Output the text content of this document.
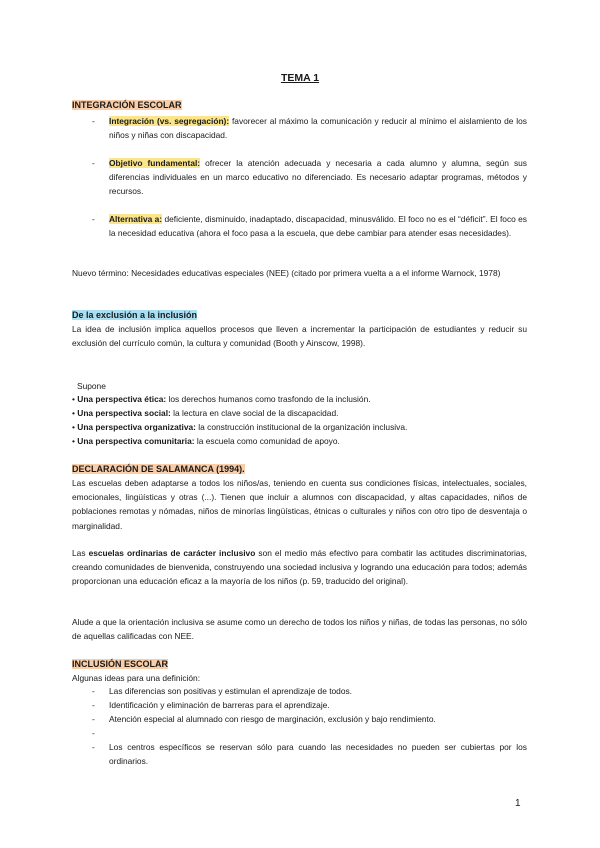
TEMA 1
INTEGRACIÓN ESCOLAR
- Integración (vs. segregación): favorecer al máximo la comunicación y reducir al mínimo el aislamiento de los niños y niñas con discapacidad.
- Objetivo fundamental: ofrecer la atención adecuada y necesaria a cada alumno y alumna, según sus diferencias individuales en un marco educativo no diferenciado. Es necesario adaptar programas, métodos y recursos.
- Alternativa a: deficiente, disminuido, inadaptado, discapacidad, minusválido. El foco no es el “déficit”. El foco es la necesidad educativa (ahora el foco pasa a la escuela, que debe cambiar para atender esas necesidades).
Nuevo término: Necesidades educativas especiales (NEE) (citado por primera vuelta a a el informe Warnock, 1978)
De la exclusión a la inclusión
La idea de inclusión implica aquellos procesos que lleven a incrementar la participación de estudiantes y reducir su exclusión del currículo común, la cultura y comunidad (Booth y Ainscow, 1998).
Supone
• Una perspectiva ética: los derechos humanos como trasfondo de la inclusión.
• Una perspectiva social: la lectura en clave social de la discapacidad.
• Una perspectiva organizativa: la construcción institucional de la organización inclusiva.
• Una perspectiva comunitaria: la escuela como comunidad de apoyo.
DECLARACIÓN DE SALAMANCA (1994).
Las escuelas deben adaptarse a todos los niños/as, teniendo en cuenta sus condiciones físicas, intelectuales, sociales, emocionales, lingüísticas y otras (...). Tienen que incluir a alumnos con discapacidad, y altas capacidades, niños de poblaciones remotas y nómadas, niños de minorías lingüísticas, étnicas o culturales y niños con otro tipo de desventaja o marginalidad.
Las escuelas ordinarias de carácter inclusivo son el medio más efectivo para combatir las actitudes discriminatorias, creando comunidades de bienvenida, construyendo una sociedad inclusiva y logrando una educación para todos; además proporcionan una educación eficaz a la mayoría de los niños (p. 59, traducido del original).
Alude a que la orientación inclusiva se asume como un derecho de todos los niños y niñas, de todas las personas, no sólo de aquellas calificadas con NEE.
INCLUSIÓN ESCOLAR
Algunas ideas para una definición:
- Las diferencias son positivas y estimulan el aprendizaje de todos.
- Identificación y eliminación de barreras para el aprendizaje.
- Atención especial al alumnado con riesgo de marginación, exclusión y bajo rendimiento.
-
- Los centros específicos se reservan sólo para cuando las necesidades no pueden ser cubiertas por los ordinarios.
1
